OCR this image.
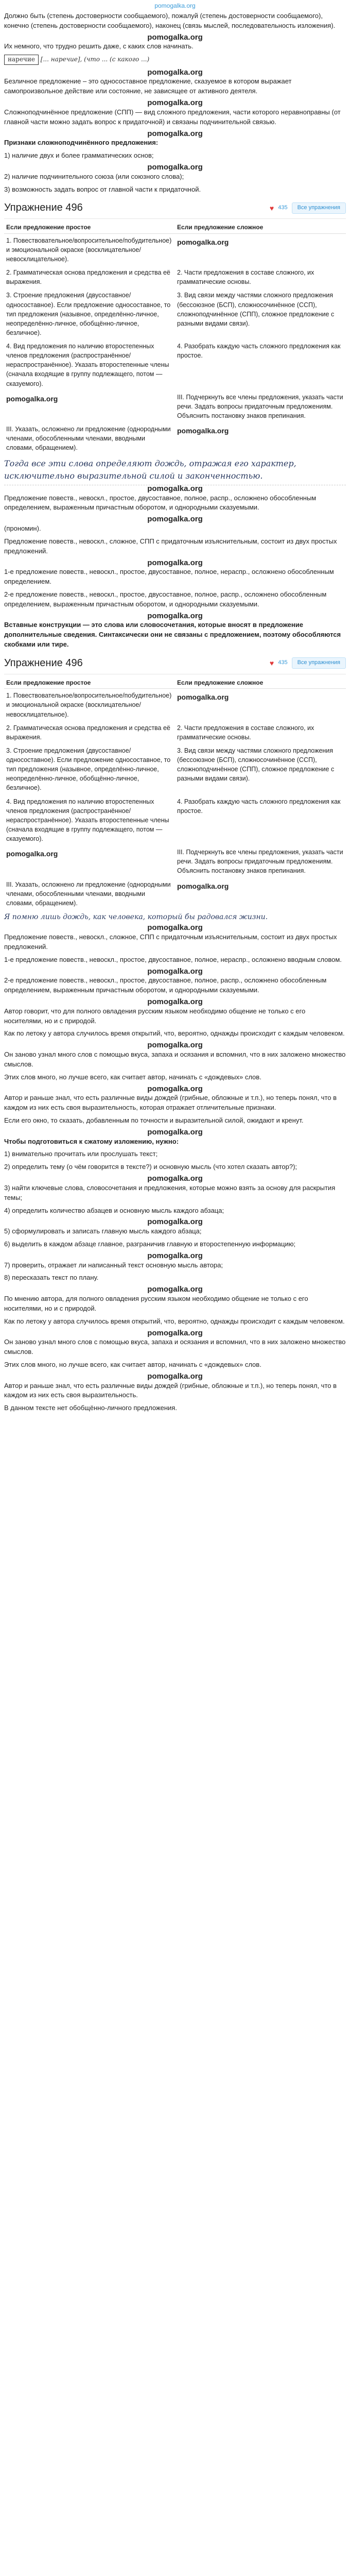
pomogalka.org

Должно быть (степень достоверности сообщаемого), пожалуй (степень достоверности сообщаемого), конечно (степень достоверности сообщаемого), наконец (связь мыслей, последовательность изложения).

pomogalka.org

Их немного, что трудно решить даже, с каких слов начинать.

наречие [... наречие], (что ... (с какого ...)
pomogalka.org

Безличное предложение – это односоставное предложение, сказуемое в котором выражает самопроизвольное действие или состояние, не зависящее от активного деятеля.

pomogalka.org

Сложноподчинённое предложение (СПП) — вид сложного предложения, части которого неравноправны (от главной части можно задать вопрос к придаточной) и связаны подчинительной связью.

pomogalka.org

Признаки сложноподчинённого предложения:

1) наличие двух и более грамматических основ;

pomogalka.org

2) наличие подчинительного союза (или союзного слова);

3) возможность задать вопрос от главной части к придаточной.

Упражнение 496	♥ 435	Все упражнения
Если предложение простое	Если предложение сложное
1. Повествовательное/вопросительное/побудительное) и эмоциональной окраске (восклицательное/невосклицательное).	pomogalka.org

2. Грамматическая основа предложения и средства её выражения.	2. Части предложения в составе сложного, их грамматические основы.
3. Строение предложения (двусоставное/односоставное). Если предложение односоставное, то тип предложения (назывное, определённо-личное, неопределённо-личное, обобщённо-личное, безличное).	3. Вид связи между частями сложного предложения (бессоюзное (БСП), сложносочинённое (ССП), сложноподчинённое (СПП), сложное предложение с разными видами связи).
4. Вид предложения по наличию второстепенных членов предложения (распространённое/нераспространённое). Указать второстепенные члены (сначала входящие в группу подлежащего, потом — сказуемого).	4. Разобрать каждую часть сложного предложения как простое.

pomogalka.org	III. Подчеркнуть все члены предложения, указать части речи. Задать вопросы придаточным предложениям. Объяснить постановку знаков препинания.
III. Указать, осложнено ли предложение (однородными членами, обособленными членами, вводными словами, обращением).	pomogalka.org
Тогда все эти слова определяют дождь, отражая его характер, исключительно выразительной силой и законченностью.
pomogalka.org

Предложение повеств., невоскл., простое, двусоставное, полное, распр., осложнено обособленным определением, выраженным причастным оборотом, и однородными сказуемыми.

pomogalka.org

(прономин).

Предложение повеств., невоскл., сложное, СПП с придаточным изъяснительным, состоит из двух простых предложений.

pomogalka.org

1-е предложение повеств., невоскл., простое, двусоставное, полное, нераспр., осложнено обособленным определением.

2-е предложение повеств., невоскл., простое, двусоставное, полное, распр., осложнено обособленным определением, выраженным причастным оборотом, и однородными сказуемыми.

pomogalka.org

Вставные конструкции — это слова или словосочетания, которые вносят в предложение дополнительные сведения. Синтаксически они не связаны с предложением, поэтому обособляются скобками или тире.

Упражнение 496	♥ 435	Все упражнения
Если предложение простое	Если предложение сложное
1. Повествовательное/вопросительное/побудительное) и эмоциональной окраске (восклицательное/невосклицательное).	pomogalka.org

2. Грамматическая основа предложения и средства её выражения.	2. Части предложения в составе сложного, их грамматические основы.
3. Строение предложения (двусоставное/односоставное). Если предложение односоставное, то тип предложения (назывное, определённо-личное, неопределённо-личное, обобщённо-личное, безличное).	3. Вид связи между частями сложного предложения (бессоюзное (БСП), сложносочинённое (ССП), сложноподчинённое (СПП), сложное предложение с разными видами связи).
4. Вид предложения по наличию второстепенных членов предложения (распространённое/нераспространённое). Указать второстепенные члены (сначала входящие в группу подлежащего, потом — сказуемого).	4. Разобрать каждую часть сложного предложения как простое.

pomogalka.org	III. Подчеркнуть все члены предложения, указать части речи. Задать вопросы придаточным предложениям. Объяснить постановку знаков препинания.
III. Указать, осложнено ли предложение (однородными членами, обособленными членами, вводными словами, обращением).	pomogalka.org
Я помню лишь дождь, как человека, который бы радовался жизни.
pomogalka.org

Предложение повеств., невоскл., сложное, СПП с придаточным изъяснительным, состоит из двух простых предложений.

1-е предложение повеств., невоскл., простое, двусоставное, полное, нераспр., осложнено вводным словом.

pomogalka.org

2-е предложение повеств., невоскл., простое, двусоставное, полное, распр., осложнено обособленным определением, выраженным причастным оборотом, и однородными сказуемыми.

pomogalka.org

Автор говорит, что для полного овладения русским языком необходимо общение не только с его носителями, но и с природой.

Как по летоку у автора случилось время открытий, что, вероятно, однажды происходит с каждым человеком.

pomogalka.org

Он заново узнал много слов с помощью вкуса, запаха и осязания и вспомнил, что в них заложено множество смыслов.

Этих слов много, но лучше всего, как считает автор, начинать с «дождевых» слов.

pomogalka.org

Автор и раньше знал, что есть различные виды дождей (грибные, обложные и т.п.), но теперь понял, что в каждом из них есть своя выразительность, которая отражает отличительные признаки.

Если его окно, то сказать, добавленным по точности и выразительной силой, ожидают и кренут.

pomogalka.org

Чтобы подготовиться к сжатому изложению, нужно:

1) внимательно прочитать или прослушать текст;

2) определить тему (о чём говорится в тексте?) и основную мысль (что хотел сказать автор?);

pomogalka.org

3) найти ключевые слова, словосочетания и предложения, которые можно взять за основу для раскрытия темы;

4) определить количество абзацев и основную мысль каждого абзаца;

pomogalka.org

5) сформулировать и записать главную мысль каждого абзаца;

6) выделить в каждом абзаце главное, разграничив главную и второстепенную информацию;

pomogalka.org

7) проверить, отражает ли написанный текст основную мысль автора;

8) пересказать текст по плану.

pomogalka.org

По мнению автора, для полного овладения русским языком необходимо общение не только с его носителями, но и с природой.

Как по летоку у автора случилось время открытий, что, вероятно, однажды происходит с каждым человеком.

pomogalka.org

Он заново узнал много слов с помощью вкуса, запаха и осязания и вспомнил, что в них заложено множество смыслов.

Этих слов много, но лучше всего, как считает автор, начинать с «дождевых» слов.

pomogalka.org

Автор и раньше знал, что есть различные виды дождей (грибные, обложные и т.п.), но теперь понял, что в каждом из них есть своя выразительность.

В данном тексте нет обобщённо-личного предложения.
